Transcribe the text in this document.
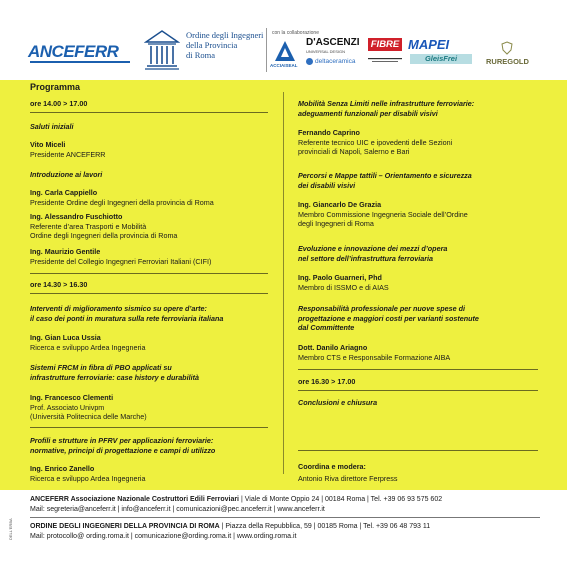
ANCEFERR
Ordine degli Ingegneri
della Provincia
di Roma
con la collaborazione
ACCIAISEAL
D'ASCENZI
UNIVERSAL DESIGN
deltaceramica
FIBRE MAPEI
GleisFrei	RUREGOLD
Programma
ore 14.00 > 17.00
Saluti iniziali
Vito Miceli
Presidente ANCEFERR
Introduzione ai lavori
Ing. Carla Cappiello
Presidente Ordine degli Ingegneri della provincia di Roma
Ing. Alessandro Fuschiotto
Referente d’area Trasporti e Mobilità
Ordine degli Ingegneri della provincia di Roma
Ing. Maurizio Gentile
Presidente del Collegio Ingegneri Ferroviari Italiani (CIFI)
ore 14.30 > 16.30
Interventi di miglioramento sismico su opere d’arte:
il caso dei ponti in muratura sulla rete ferroviaria italiana
Ing. Gian Luca Ussia
Ricerca e sviluppo Ardea Ingegneria
Sistemi FRCM in fibra di PBO applicati su
infrastrutture ferroviarie: case history e durabilità
Ing. Francesco Clementi
Prof. Associato Univpm
(Università Politecnica delle Marche)
Profili e strutture in PFRV per applicazioni ferroviarie:
normative, principi di progettazione e campi di utilizzo
Ing. Enrico Zanello
Ricerca e sviluppo Ardea Ingegneria
Mobilità Senza Limiti nelle infrastrutture ferroviarie:
adeguamenti funzionali per disabili visivi
Fernando Caprino
Referente tecnico UIC e ipovedenti delle Sezioni
provinciali di Napoli, Salerno e Bari
Percorsi e Mappe tattili – Orientamento e sicurezza
dei disabili visivi
Ing. Giancarlo De Grazia
Membro Commissione Ingegneria Sociale dell’Ordine
degli Ingegneri di Roma
Evoluzione e innovazione dei mezzi d’opera
nel settore dell’infrastruttura ferroviaria
Ing. Paolo Guarneri, Phd
Membro di ISSMO e di AIAS
Responsabilità professionale per nuove spese di
progettazione e maggiori costi per varianti sostenute
dal Committente
Dott. Danilo Ariagno
Membro CTS e Responsabile Formazione AIBA
ore 16.30 > 17.00
Conclusioni e chiusura
Coordina e modera:
Antonio Riva direttore Ferpress
DELL'ERBA
ANCEFERR Associazione Nazionale Costruttori Edili Ferroviari | Viale di Monte Oppio 24 | 00184 Roma | Tel. +39 06 93 575 602
Mail: segreteria@anceferr.it | info@anceferr.it | comunicazioni@pec.anceferr.it | www.anceferr.it
ORDINE DEGLI INGEGNERI DELLA PROVINCIA DI ROMA | Piazza della Repubblica, 59 | 00185 Roma | Tel. +39 06 48 793 11
Mail: protocollo@ ording.roma.it | comunicazione@ording.roma.it | www.ording.roma.it
